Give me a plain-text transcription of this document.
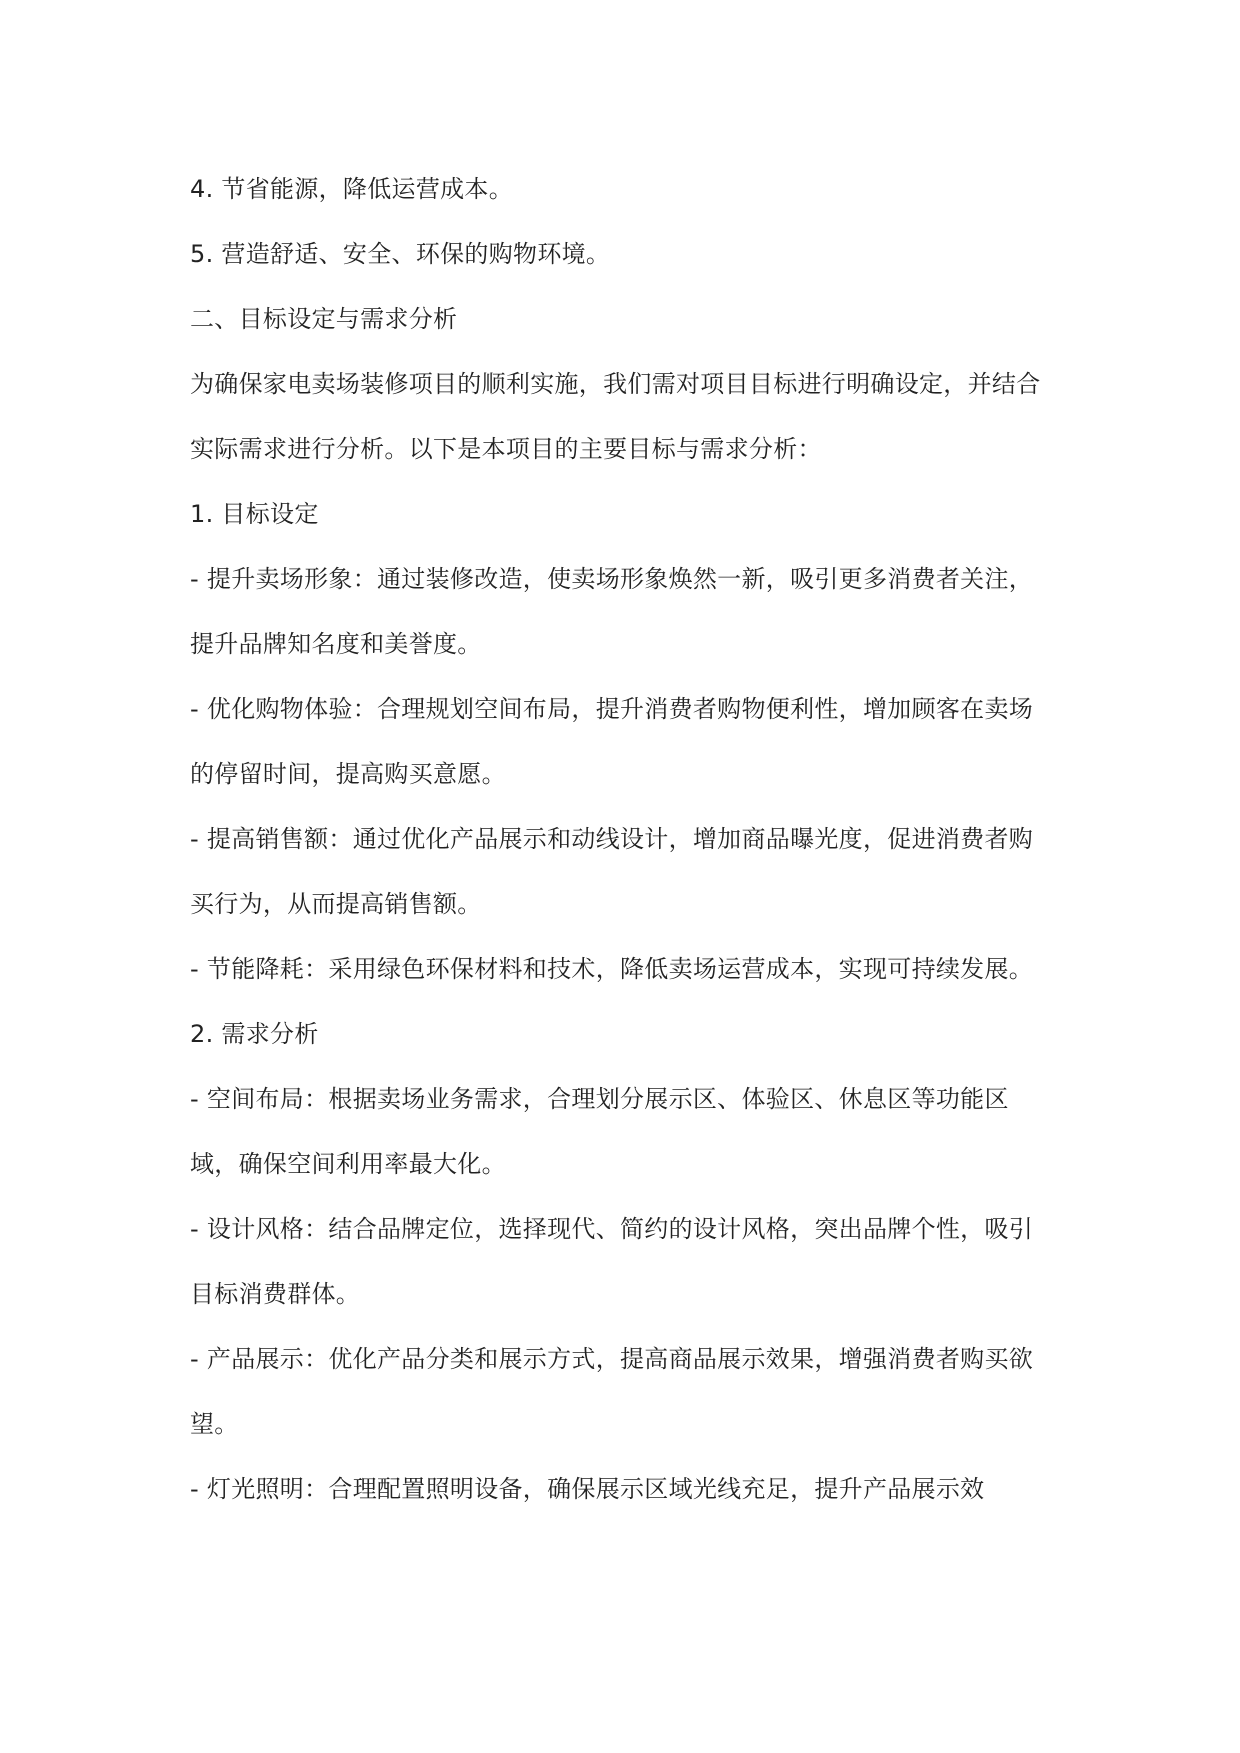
4. 节省能源，降低运营成本。

5. 营造舒适、安全、环保的购物环境。

二、目标设定与需求分析

为确保家电卖场装修项目的顺利实施，我们需对项目目标进行明确设定，并结合实际需求进行分析。以下是本项目的主要目标与需求分析：

1. 目标设定

- 提升卖场形象：通过装修改造，使卖场形象焕然一新，吸引更多消费者关注，提升品牌知名度和美誉度。

- 优化购物体验：合理规划空间布局，提升消费者购物便利性，增加顾客在卖场的停留时间，提高购买意愿。

- 提高销售额：通过优化产品展示和动线设计，增加商品曝光度，促进消费者购买行为，从而提高销售额。

- 节能降耗：采用绿色环保材料和技术，降低卖场运营成本，实现可持续发展。

2. 需求分析

- 空间布局：根据卖场业务需求，合理划分展示区、体验区、休息区等功能区域，确保空间利用率最大化。

- 设计风格：结合品牌定位，选择现代、简约的设计风格，突出品牌个性，吸引目标消费群体。

- 产品展示：优化产品分类和展示方式，提高商品展示效果，增强消费者购买欲望。

- 灯光照明：合理配置照明设备，确保展示区域光线充足，提升产品展示效
